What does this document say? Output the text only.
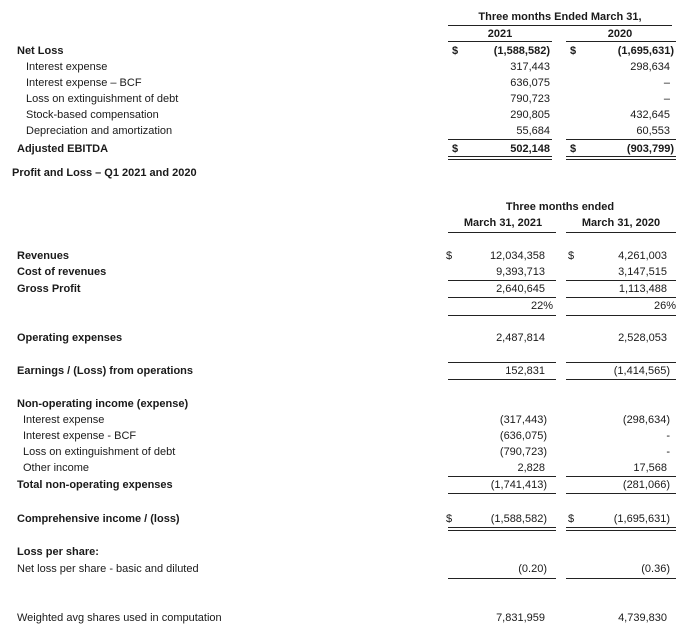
Three months Ended March 31,
2021	2020
Net Loss	$	(1,588,582) $	(1,695,631)
Interest expense	317,443	298,634
Interest expense – BCF	636,075	–
Loss on extinguishment of debt	790,723	–
Stock-based compensation	290,805	432,645
Depreciation and amortization	55,684	60,553
Adjusted EBITDA	$	502,148 $	(903,799)
Profit and Loss – Q1 2021 and 2020
Three months ended
March 31, 2021	March 31, 2020
Revenues	$	12,034,358 $	4,261,003
Cost of revenues	9,393,713	3,147,515
Gross Profit	2,640,645	1,113,488
22%	26%
Operating expenses	2,487,814	2,528,053
Earnings / (Loss) from operations	152,831	(1,414,565)
Non-operating income (expense)
Interest expense	(317,443)	(298,634)
Interest expense - BCF	(636,075)	-
Loss on extinguishment of debt	(790,723)	-
Other income	2,828	17,568
Total non-operating expenses	(1,741,413)	(281,066)
Comprehensive income / (loss)	$	(1,588,582) $	(1,695,631)
Loss per share:
Net loss per share - basic and diluted	(0.20)	(0.36)
Weighted avg shares used in computation	7,831,959	4,739,830
